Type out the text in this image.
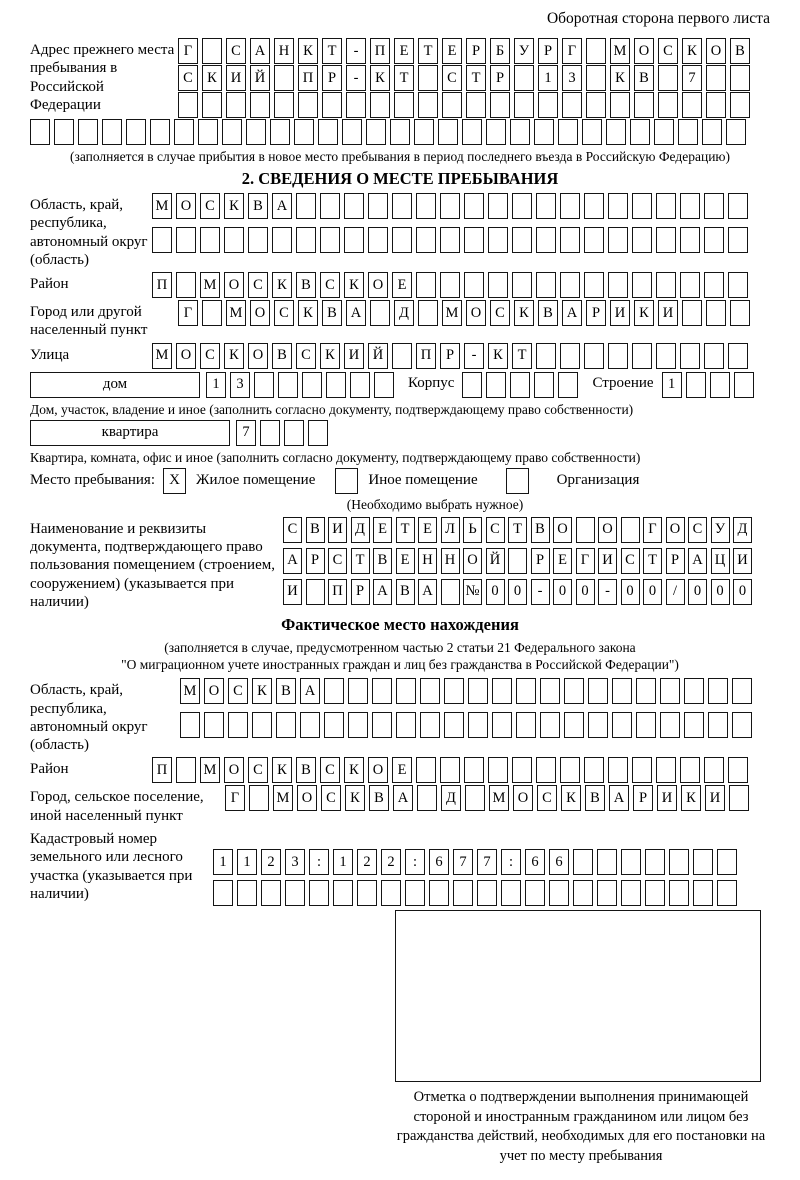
Оборотная сторона первого листа
Адрес прежнего места пребывания в Российской Федерации
Г	С А Н К	Т	-	П Е	Т	Е	Р	Б	У	Р	Г	М О С К О В
С К И Й	П	Р	-	К	Т	С	Т	Р	1	3	К В	7
(заполняется в случае прибытия в новое место пребывания в период последнего въезда в Российскую Федерацию)
2. СВЕДЕНИЯ О МЕСТЕ ПРЕБЫВАНИЯ
Область, край, республика, автономный округ (область)
М О С К В А
Район	П	М О С К В С К О Е
Город или другой населенный пункт
Г	М О С К В А	Д	М О С К В А	Р	И К И
Улица	М О С К О В С К И Й	П	Р	-	К	Т
дом	1	3	Корпус	Строение 1
Дом, участок, владение и иное (заполнить согласно документу, подтверждающему право собственности)
квартира	7
Квартира, комната, офис и иное (заполнить согласно документу, подтверждающему право собственности)
Место пребывания: X	Жилое помещение	Иное помещение	Организация
(Необходимо выбрать нужное)
Наименование и реквизиты документа, подтверждающего право пользования помещением (строением, сооружением) (указывается при наличии)
С В И Д Е Т Е Л Ь С Т В О О	Г О С У Д
А Р С Т В Е Н Н О Й	Р Е Г И С Т Р А Ц И
И П Р А В А № 0	0	-	0	0	-	0	0	/	0	0	0
Фактическое место нахождения
(заполняется в случае, предусмотренном частью 2 статьи 21 Федерального закона
"О миграционном учете иностранных граждан и лиц без гражданства в Российской Федерации")
Область, край, республика, автономный округ (область)
М О С К В А
Район	П	М О С К В С К О Е
Город, сельское поселение, иной населенный пункт
Г	М О С К В А	Д	М О С К В А	Р	И К И
Кадастровый номер земельного или лесного участка (указывается при наличии)
1	1	2	3	:	1	2	2	:	6	7	7	:	6	6
Отметка о подтверждении выполнения принимающей стороной и иностранным гражданином или лицом без гражданства действий, необходимых для его постановки на учет по месту пребывания
